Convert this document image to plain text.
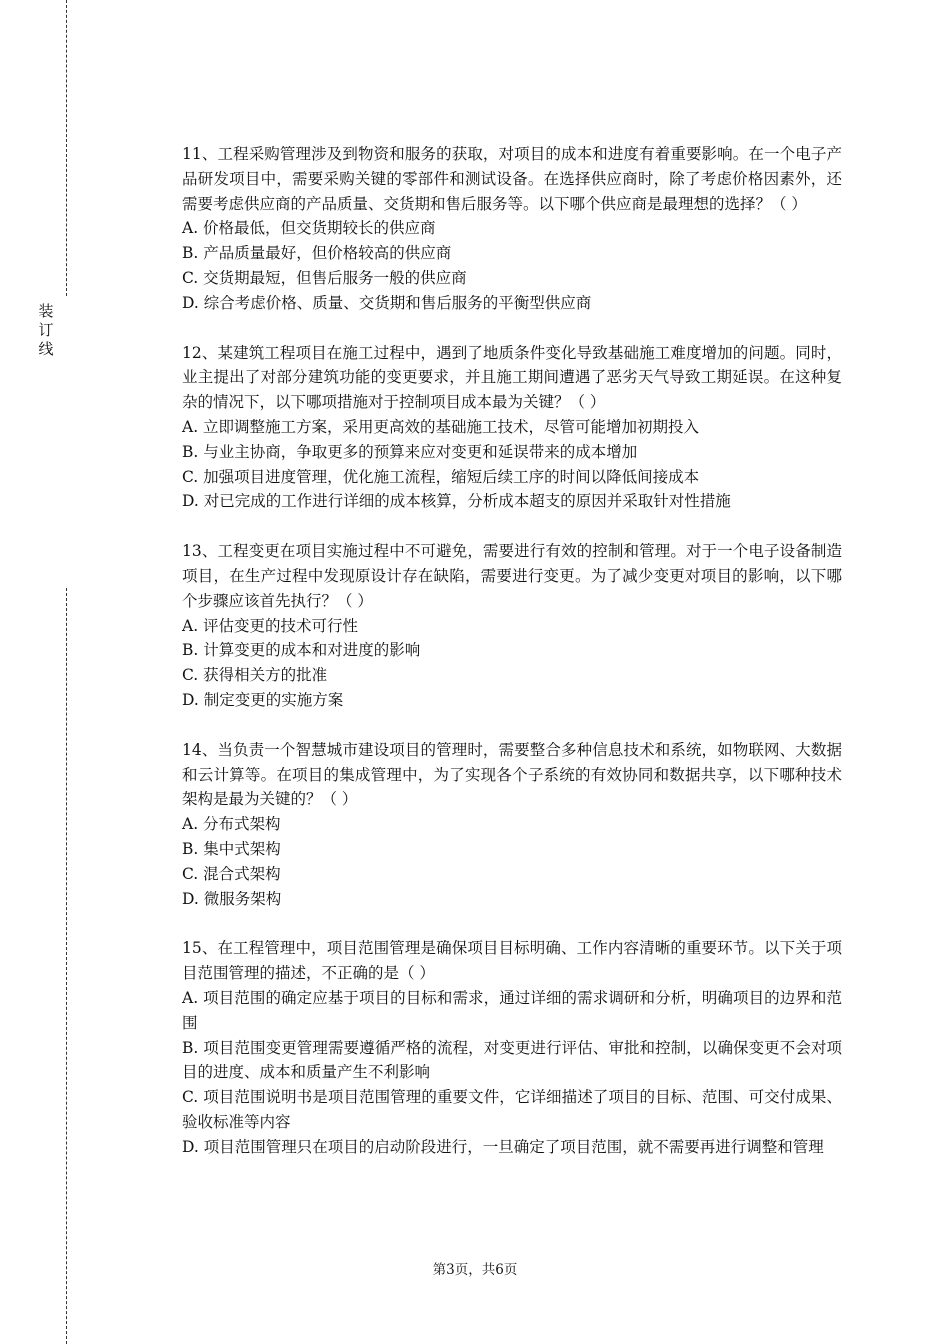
装
订
线

11、工程采购管理涉及到物资和服务的获取，对项目的成本和进度有着重要影响。在一个电子产品研发项目中，需要采购关键的零部件和测试设备。在选择供应商时，除了考虑价格因素外，还需要考虑供应商的产品质量、交货期和售后服务等。以下哪个供应商是最理想的选择？（ ）

A. 价格最低，但交货期较长的供应商

B. 产品质量最好，但价格较高的供应商

C. 交货期最短，但售后服务一般的供应商

D. 综合考虑价格、质量、交货期和售后服务的平衡型供应商

12、某建筑工程项目在施工过程中，遇到了地质条件变化导致基础施工难度增加的问题。同时，业主提出了对部分建筑功能的变更要求，并且施工期间遭遇了恶劣天气导致工期延误。在这种复杂的情况下，以下哪项措施对于控制项目成本最为关键？（ ）

A. 立即调整施工方案，采用更高效的基础施工技术，尽管可能增加初期投入

B. 与业主协商，争取更多的预算来应对变更和延误带来的成本增加

C. 加强项目进度管理，优化施工流程，缩短后续工序的时间以降低间接成本

D. 对已完成的工作进行详细的成本核算，分析成本超支的原因并采取针对性措施

13、工程变更在项目实施过程中不可避免，需要进行有效的控制和管理。对于一个电子设备制造项目，在生产过程中发现原设计存在缺陷，需要进行变更。为了减少变更对项目的影响，以下哪个步骤应该首先执行？（ ）

A. 评估变更的技术可行性

B. 计算变更的成本和对进度的影响

C. 获得相关方的批准

D. 制定变更的实施方案

14、当负责一个智慧城市建设项目的管理时，需要整合多种信息技术和系统，如物联网、大数据和云计算等。在项目的集成管理中，为了实现各个子系统的有效协同和数据共享，以下哪种技术架构是最为关键的？（ ）

A. 分布式架构

B. 集中式架构

C. 混合式架构

D. 微服务架构

15、在工程管理中，项目范围管理是确保项目目标明确、工作内容清晰的重要环节。以下关于项目范围管理的描述，不正确的是（ ）

A. 项目范围的确定应基于项目的目标和需求，通过详细的需求调研和分析，明确项目的边界和范围

B. 项目范围变更管理需要遵循严格的流程，对变更进行评估、审批和控制，以确保变更不会对项目的进度、成本和质量产生不利影响

C. 项目范围说明书是项目范围管理的重要文件，它详细描述了项目的目标、范围、可交付成果、验收标准等内容

D. 项目范围管理只在项目的启动阶段进行，一旦确定了项目范围，就不需要再进行调整和管理

第3页，共6页
